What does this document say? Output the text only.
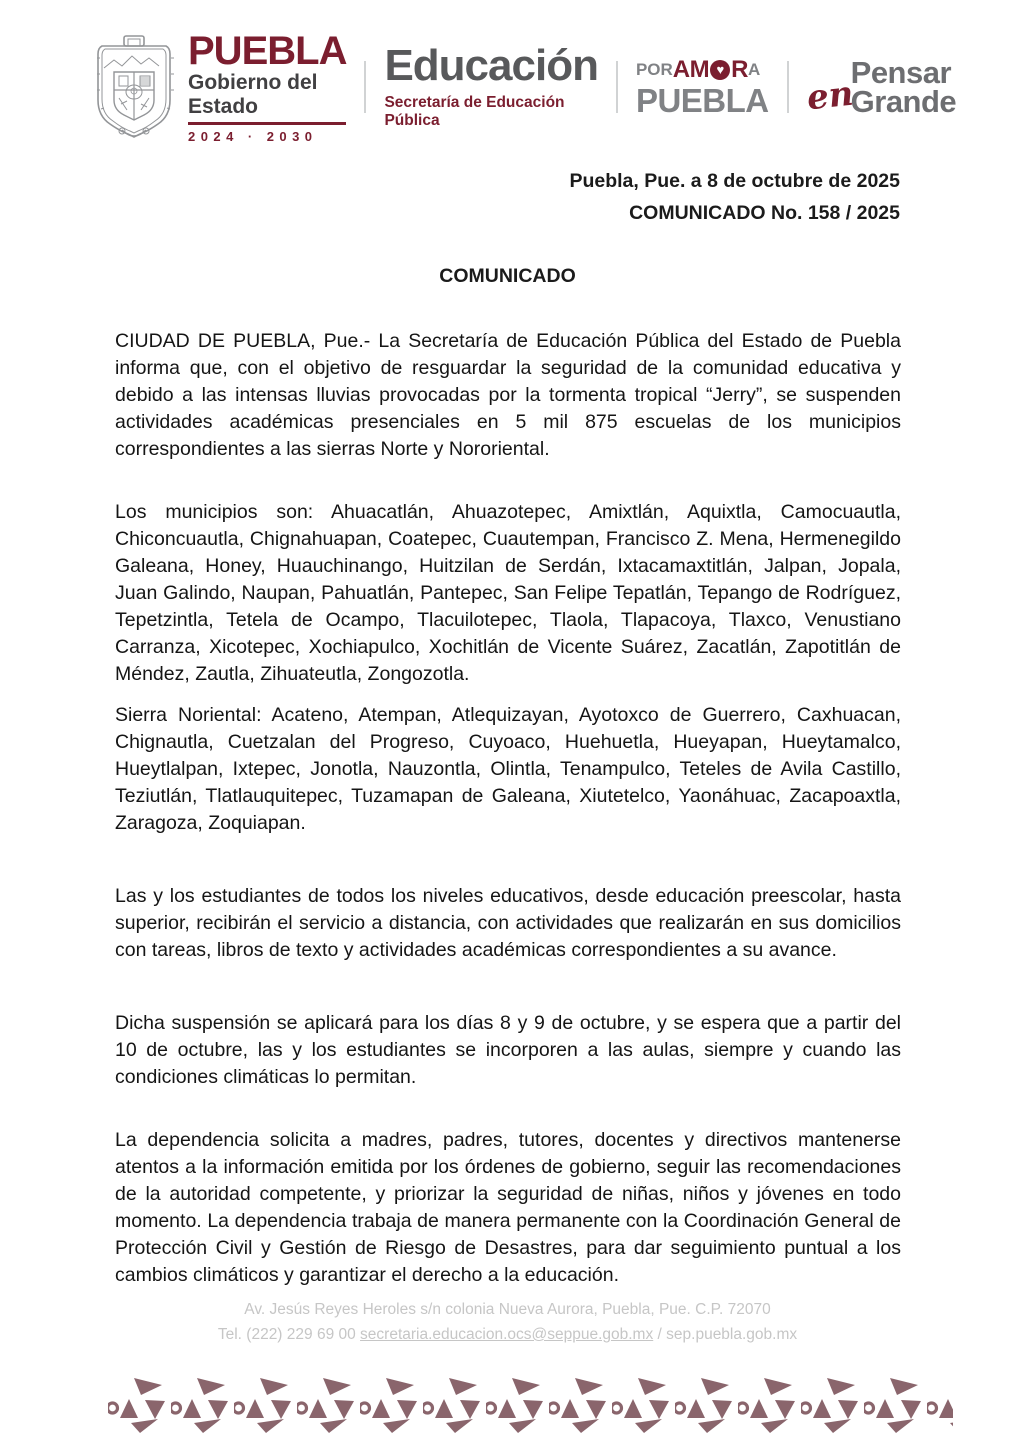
PUEBLA
Gobierno del Estado
2024 · 2030
Educación
Secretaría de Educación Pública
POR AM ♥ R A
PUEBLA
Pensar
Grande
en
Puebla, Pue. a 8 de octubre de 2025
COMUNICADO No. 158 / 2025
COMUNICADO

CIUDAD DE PUEBLA, Pue.- La Secretaría de Educación Pública del Estado de Puebla informa que, con el objetivo de resguardar la seguridad de la comunidad educativa y debido a las intensas lluvias provocadas por la tormenta tropical “Jerry”, se suspenden actividades académicas presenciales en 5 mil 875 escuelas de los municipios correspondientes a las sierras Norte y Nororiental.

Los municipios son: Ahuacatlán, Ahuazotepec, Amixtlán, Aquixtla, Camocuautla, Chiconcuautla, Chignahuapan, Coatepec, Cuautempan, Francisco Z. Mena, Hermenegildo Galeana, Honey, Huauchinango, Huitzilan de Serdán, Ixtacamaxtitlán, Jalpan, Jopala, Juan Galindo, Naupan, Pahuatlán, Pantepec, San Felipe Tepatlán, Tepango de Rodríguez, Tepetzintla, Tetela de Ocampo, Tlacuilotepec, Tlaola, Tlapacoya, Tlaxco, Venustiano Carranza, Xicotepec, Xochiapulco, Xochitlán de Vicente Suárez, Zacatlán, Zapotitlán de Méndez, Zautla, Zihuateutla, Zongozotla.

Sierra Noriental: Acateno, Atempan, Atlequizayan, Ayotoxco de Guerrero, Caxhuacan, Chignautla, Cuetzalan del Progreso, Cuyoaco, Huehuetla, Hueyapan, Hueytamalco, Hueytlalpan, Ixtepec, Jonotla, Nauzontla, Olintla, Tenampulco, Teteles de Avila Castillo, Teziutlán, Tlatlauquitepec, Tuzamapan de Galeana, Xiutetelco, Yaonáhuac, Zacapoaxtla, Zaragoza, Zoquiapan.

Las y los estudiantes de todos los niveles educativos, desde educación preescolar, hasta superior, recibirán el servicio a distancia, con actividades que realizarán en sus domicilios con tareas, libros de texto y actividades académicas correspondientes a su avance.

Dicha suspensión se aplicará para los días 8 y 9 de octubre, y se espera que a partir del 10 de octubre, las y los estudiantes se incorporen a las aulas, siempre y cuando las condiciones climáticas lo permitan.

La dependencia solicita a madres, padres, tutores, docentes y directivos mantenerse atentos a la información emitida por los órdenes de gobierno, seguir las recomendaciones de la autoridad competente, y priorizar la seguridad de niñas, niños y jóvenes en todo momento. La dependencia trabaja de manera permanente con la Coordinación General de Protección Civil y Gestión de Riesgo de Desastres, para dar seguimiento puntual a los cambios climáticos y garantizar el derecho a la educación.

Av. Jesús Reyes Heroles s/n colonia Nueva Aurora, Puebla, Pue. C.P. 72070
Tel. (222) 229 69 00 secretaria.educacion.ocs@seppue.gob.mx / sep.puebla.gob.mx
